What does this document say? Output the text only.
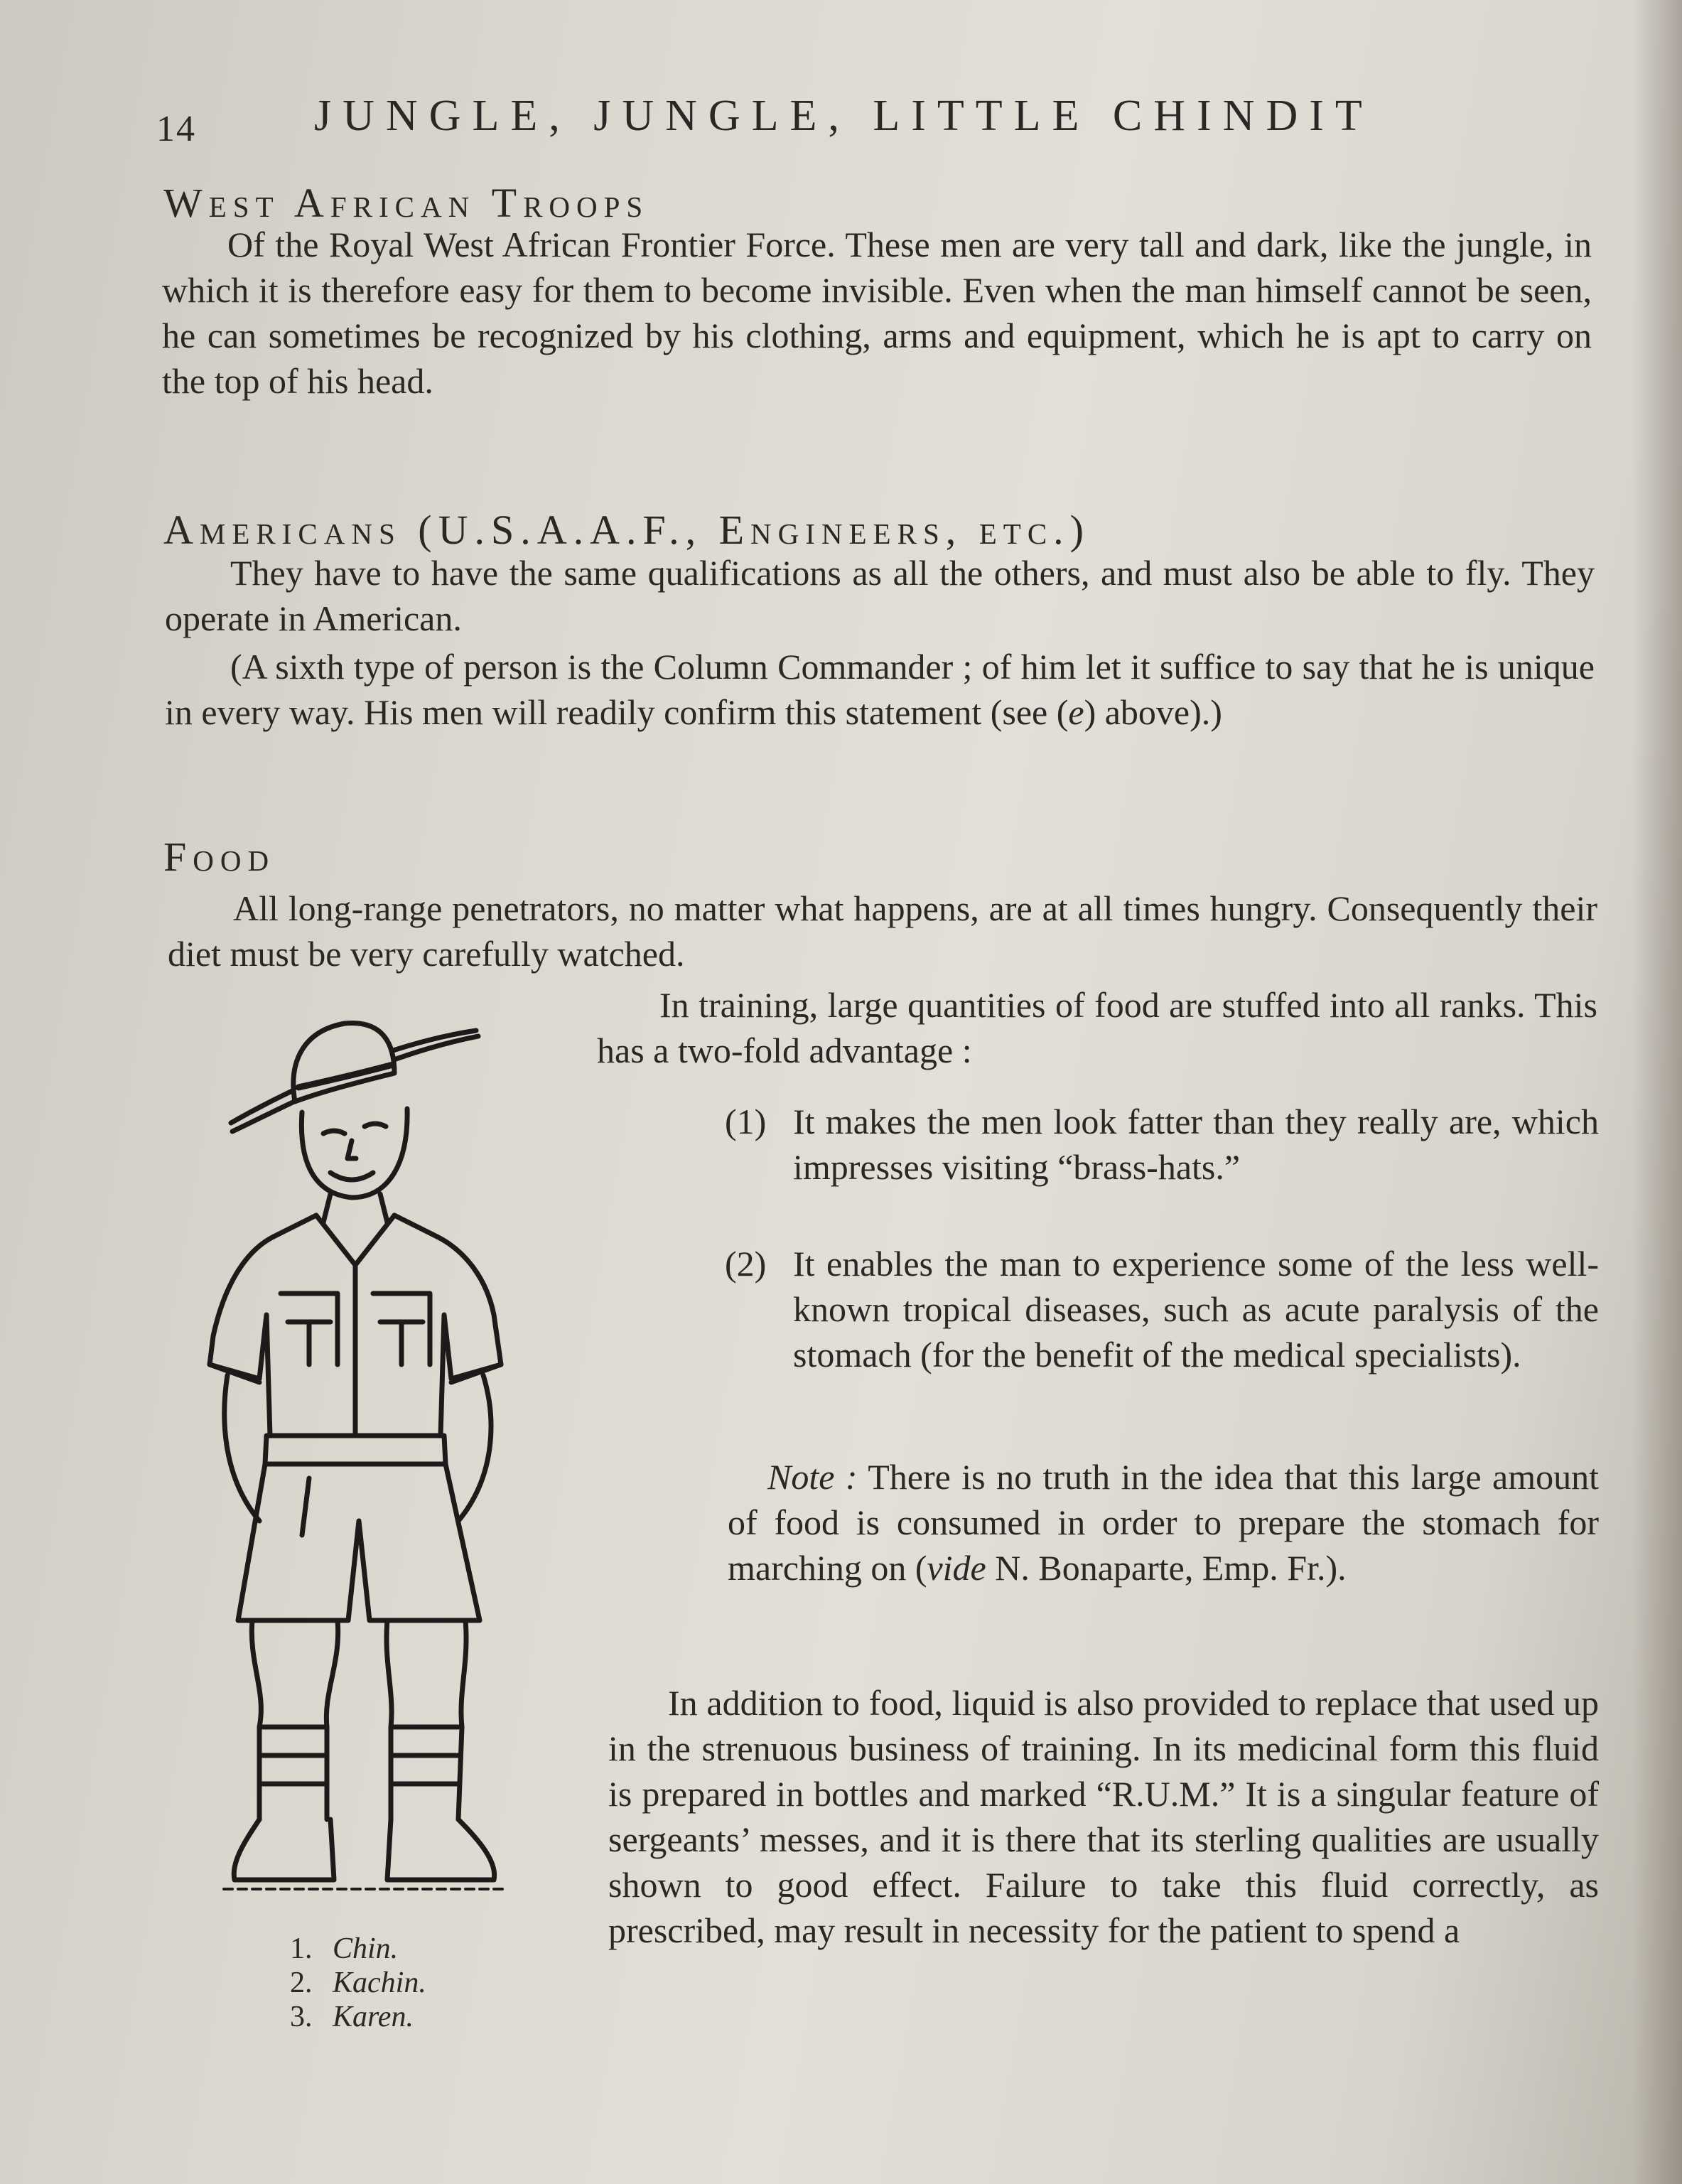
14	JUNGLE, JUNGLE, LITTLE CHINDIT
West African Troops

Of the Royal West African Frontier Force. These men are very tall and dark, like the jungle, in which it is therefore easy for them to become invisible. Even when the man himself cannot be seen, he can sometimes be recognized by his clothing, arms and equipment, which he is apt to carry on the top of his head.

Americans (U.S.A.A.F., Engineers, etc.)

They have to have the same qualifications as all the others, and must also be able to fly. They operate in American.

(A sixth type of person is the Column Commander ; of him let it suffice to say that he is unique in every way. His men will readily confirm this statement (see (e) above).)

Food

All long-range penetrators, no matter what happens, are at all times hungry. Consequently their diet must be very carefully watched.

In training, large quantities of food are stuffed into all ranks. This has a two-fold advantage :

(1) It makes the men look fatter than they really are, which impresses visiting “brass-hats.”
(2) It enables the man to experience some of the less well-known tropical diseases, such as acute paralysis of the stomach (for the benefit of the medical specialists).

Note : There is no truth in the idea that this large amount of food is consumed in order to prepare the stomach for marching on (vide N. Bonaparte, Emp. Fr.).

In addition to food, liquid is also provided to replace that used up in the strenuous business of training. In its medicinal form this fluid is prepared in bottles and marked “R.U.M.” It is a singular feature of sergeants’ messes, and it is there that its sterling qualities are usually shown to good effect. Failure to take this fluid correctly, as prescribed, may result in necessity for the patient to spend a

1. Chin.
2. Kachin.
3. Karen.
